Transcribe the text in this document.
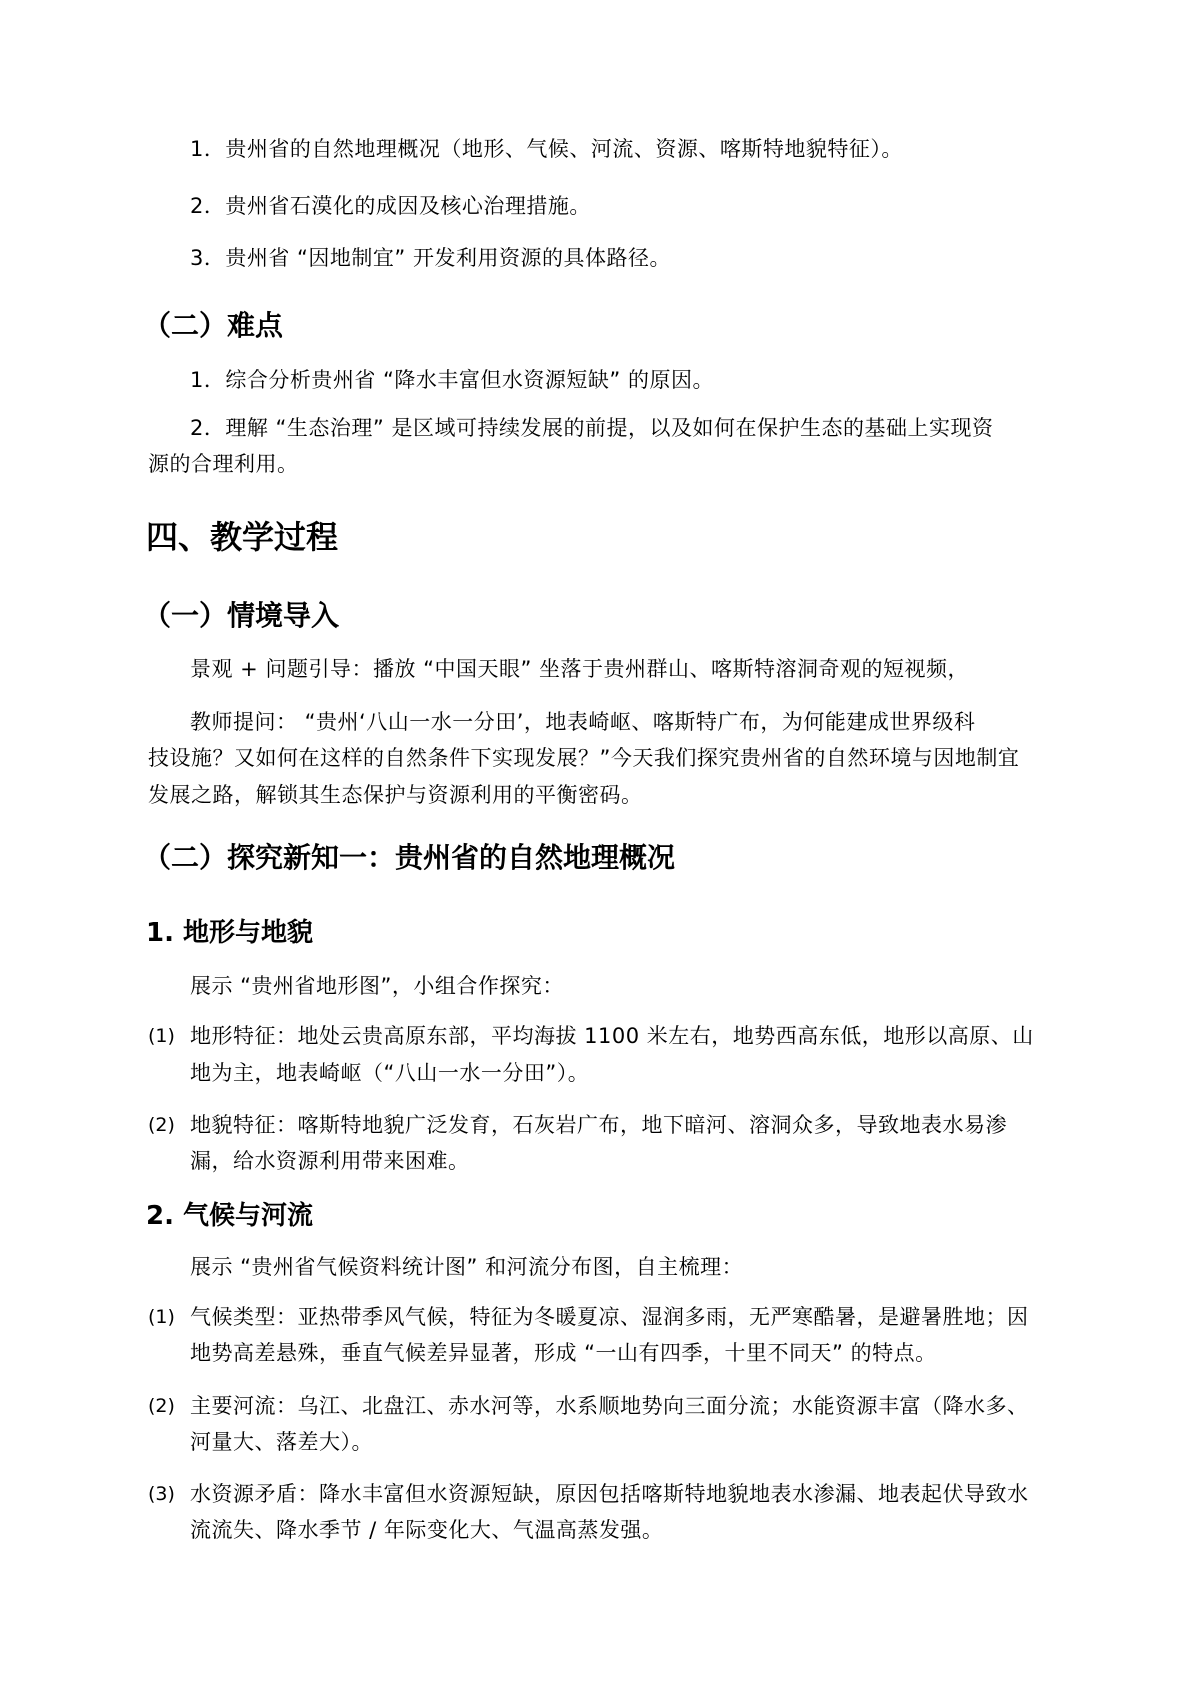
1．贵州省的自然地理概况（地形、气候、河流、资源、喀斯特地貌特征）。
2．贵州省石漠化的成因及核心治理措施。
3．贵州省 “因地制宜” 开发利用资源的具体路径。
（二）难点
1．综合分析贵州省 “降水丰富但水资源短缺” 的原因。
2．理解 “生态治理” 是区域可持续发展的前提，以及如何在保护生态的基础上实现资
源的合理利用。
四、教学过程
（一）情境导入
景观 + 问题引导：播放 “中国天眼” 坐落于贵州群山、喀斯特溶洞奇观的短视频，
教师提问： “贵州‘八山一水一分田’，地表崎岖、喀斯特广布，为何能建成世界级科
技设施？又如何在这样的自然条件下实现发展？”今天我们探究贵州省的自然环境与因地制宜
发展之路，解锁其生态保护与资源利用的平衡密码。
（二）探究新知一：贵州省的自然地理概况
1. 地形与地貌
展示 “贵州省地形图”，小组合作探究：
(1) 地形特征：地处云贵高原东部，平均海拔 1100 米左右，地势西高东低，地形以高原、山
地为主，地表崎岖（“八山一水一分田”）。
(2) 地貌特征：喀斯特地貌广泛发育，石灰岩广布，地下暗河、溶洞众多，导致地表水易渗
漏，给水资源利用带来困难。
2. 气候与河流
展示 “贵州省气候资料统计图” 和河流分布图，自主梳理：
(1) 气候类型：亚热带季风气候，特征为冬暖夏凉、湿润多雨，无严寒酷暑，是避暑胜地；因
地势高差悬殊，垂直气候差异显著，形成 “一山有四季，十里不同天” 的特点。
(2) 主要河流：乌江、北盘江、赤水河等，水系顺地势向三面分流；水能资源丰富（降水多、
河量大、落差大）。
(3) 水资源矛盾：降水丰富但水资源短缺，原因包括喀斯特地貌地表水渗漏、地表起伏导致水
流流失、降水季节 / 年际变化大、气温高蒸发强。
